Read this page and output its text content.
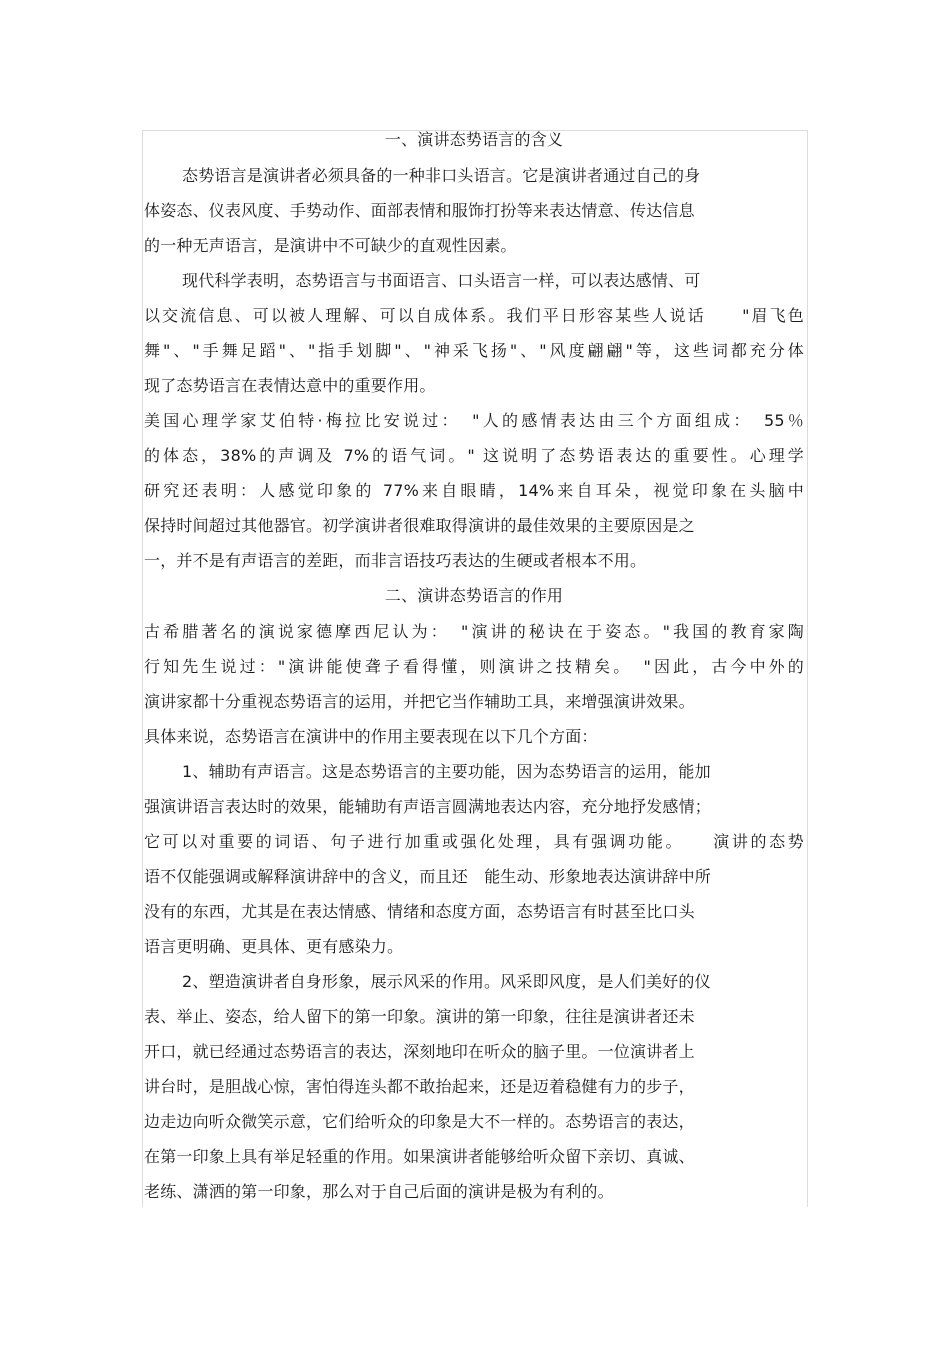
一、演讲态势语言的含义
态势语言是演讲者必须具备的一种非口头语言。它是演讲者通过自己的身
体姿态、仪表风度、手势动作、面部表情和服饰打扮等来表达情意、传达信息
的一种无声语言，是演讲中不可缺少的直观性因素。
现代科学表明，态势语言与书面语言、口头语言一样，可以表达感情、可
以交流信息、可以被人理解、可以自成体系。我们平日形容某些人说话　　"眉飞色
舞"、"手舞足蹈"、"指手划脚"、"神采飞扬"、"风度翩翩"等，这些词都充分体
现了态势语言在表情达意中的重要作用。
美国心理学家艾伯特·梅拉比安说过：　"人的感情表达由三个方面组成：　55％
的体态，38%的声调及 7%的语气词。" 这说明了态势语表达的重要性。心理学
研究还表明：人感觉印象的 77%来自眼睛，14%来自耳朵，视觉印象在头脑中
保持时间超过其他器官。初学演讲者很难取得演讲的最佳效果的主要原因是之
一，并不是有声语言的差距，而非言语技巧表达的生硬或者根本不用。
二、演讲态势语言的作用
古希腊著名的演说家德摩西尼认为：　"演讲的秘诀在于姿态。"我国的教育家陶
行知先生说过："演讲能使聋子看得懂，则演讲之技精矣。　"因此，古今中外的
演讲家都十分重视态势语言的运用，并把它当作辅助工具，来增强演讲效果。
具体来说，态势语言在演讲中的作用主要表现在以下几个方面：
1、辅助有声语言。这是态势语言的主要功能，因为态势语言的运用，能加
强演讲语言表达时的效果，能辅助有声语言圆满地表达内容，充分地抒发感情；
它可以对重要的词语、句子进行加重或强化处理，具有强调功能。　　演讲的态势
语不仅能强调或解释演讲辞中的含义，而且还　能生动、形象地表达演讲辞中所
没有的东西，尤其是在表达情感、情绪和态度方面，态势语言有时甚至比口头
语言更明确、更具体、更有感染力。
2、塑造演讲者自身形象，展示风采的作用。风采即风度，是人们美好的仪
表、举止、姿态，给人留下的第一印象。演讲的第一印象，往往是演讲者还未
开口，就已经通过态势语言的表达，深刻地印在听众的脑子里。一位演讲者上
讲台时，是胆战心惊，害怕得连头都不敢抬起来，还是迈着稳健有力的步子，
边走边向听众微笑示意，它们给听众的印象是大不一样的。态势语言的表达，
在第一印象上具有举足轻重的作用。如果演讲者能够给听众留下亲切、真诚、
老练、潇洒的第一印象，那么对于自己后面的演讲是极为有利的。
